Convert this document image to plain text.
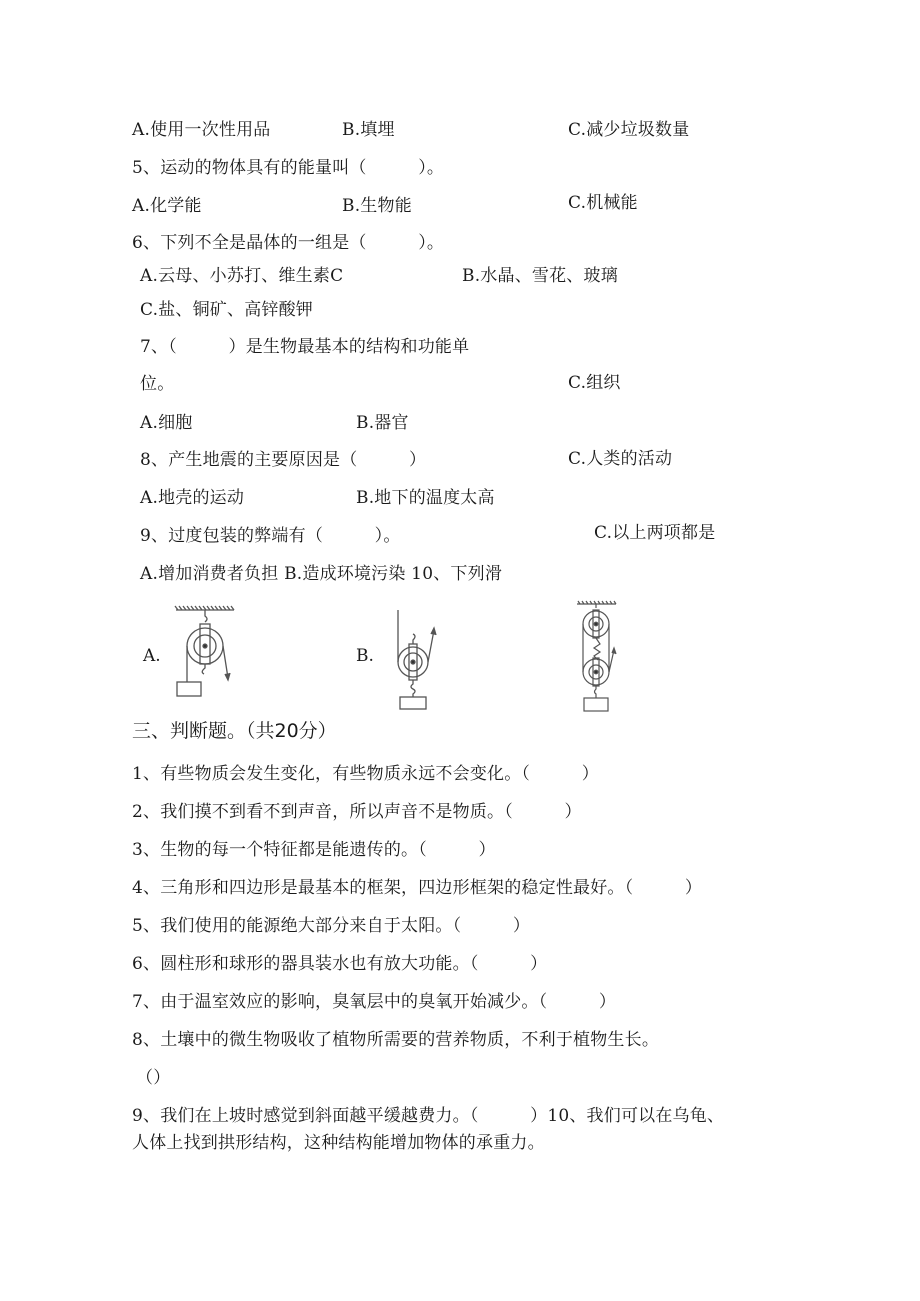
A.使用一次性用品	B.填埋	C.减少垃圾数量
5、运动的物体具有的能量叫（　　　）。
A.化学能	B.生物能	C.机械能
6、下列不全是晶体的一组是（　　　）。
A.云母、小苏打、维生素C	B.水晶、雪花、玻璃
C.盐、铜矿、高锌酸钾
7、（　　　）是生物最基本的结构和功能单
位。	C.组织
A.细胞	B.器官
8、产生地震的主要原因是（　　　）	C.人类的活动
A.地壳的运动	B.地下的温度太高
9、过度包装的弊端有（　　　）。	C.以上两项都是
A.增加消费者负担 B.造成环境污染 10、下列滑
A.	B.
三、判断题。（共20分）
1、有些物质会发生变化，有些物质永远不会变化。（　　　）
2、我们摸不到看不到声音，所以声音不是物质。（　　　）
3、生物的每一个特征都是能遗传的。（　　　）
4、三角形和四边形是最基本的框架，四边形框架的稳定性最好。（　　　）
5、我们使用的能源绝大部分来自于太阳。（　　　）
6、圆柱形和球形的器具装水也有放大功能。（　　　）
7、由于温室效应的影响，臭氧层中的臭氧开始减少。（　　　）
8、土壤中的微生物吸收了植物所需要的营养物质，不利于植物生长。
（）
9、我们在上坡时感觉到斜面越平缓越费力。（　　　）10、我们可以在乌龟、
人体上找到拱形结构，这种结构能增加物体的承重力。
